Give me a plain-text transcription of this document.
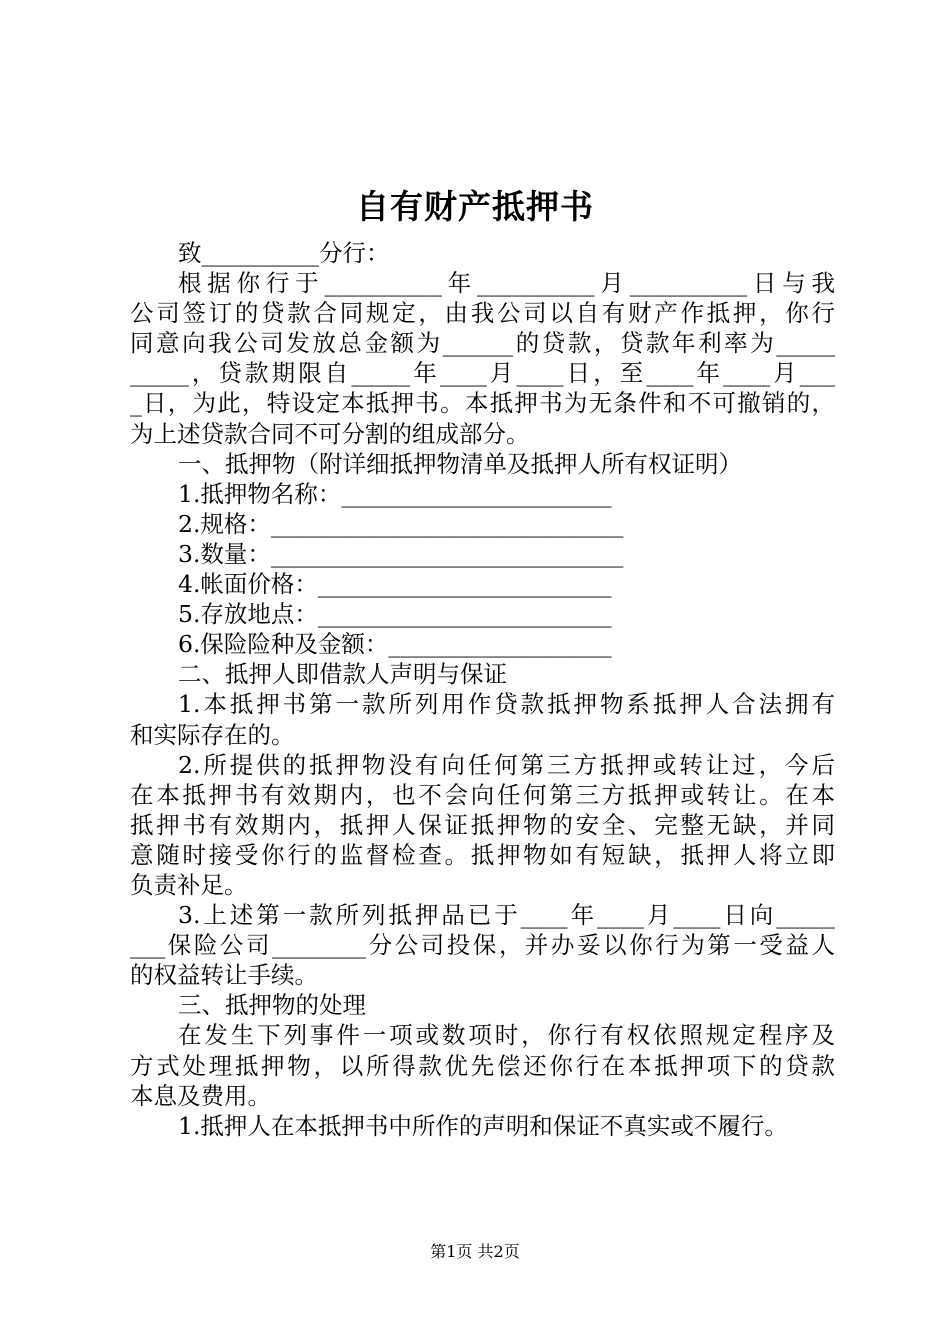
自有财产抵押书
致__________分行：
根据你行于__________年__________月__________日与我
公司签订的贷款合同规定，由我公司以自有财产作抵押，你行
同意向我公司发放总金额为______的贷款，贷款年利率为_____
_____，贷款期限自_____年____月____日，至____年____月___
_日，为此，特设定本抵押书。本抵押书为无条件和不可撤销的，
为上述贷款合同不可分割的组成部分。
一、抵押物（附详细抵押物清单及抵押人所有权证明）
1.抵押物名称：_______________________
2.规格：______________________________
3.数量：______________________________
4.帐面价格：_________________________
5.存放地点：_________________________
6.保险险种及金额：___________________
二、抵押人即借款人声明与保证
1.本抵押书第一款所列用作贷款抵押物系抵押人合法拥有
和实际存在的。
2.所提供的抵押物没有向任何第三方抵押或转让过，今后
在本抵押书有效期内，也不会向任何第三方抵押或转让。在本
抵押书有效期内，抵押人保证抵押物的安全、完整无缺，并同
意随时接受你行的监督检查。抵押物如有短缺，抵押人将立即
负责补足。
3.上述第一款所列抵押品已于____年____月____日向_____
___保险公司________分公司投保，并办妥以你行为第一受益人
的权益转让手续。
三、抵押物的处理
在发生下列事件一项或数项时，你行有权依照规定程序及
方式处理抵押物，以所得款优先偿还你行在本抵押项下的贷款
本息及费用。
1.抵押人在本抵押书中所作的声明和保证不真实或不履行。
第1页 共2页
